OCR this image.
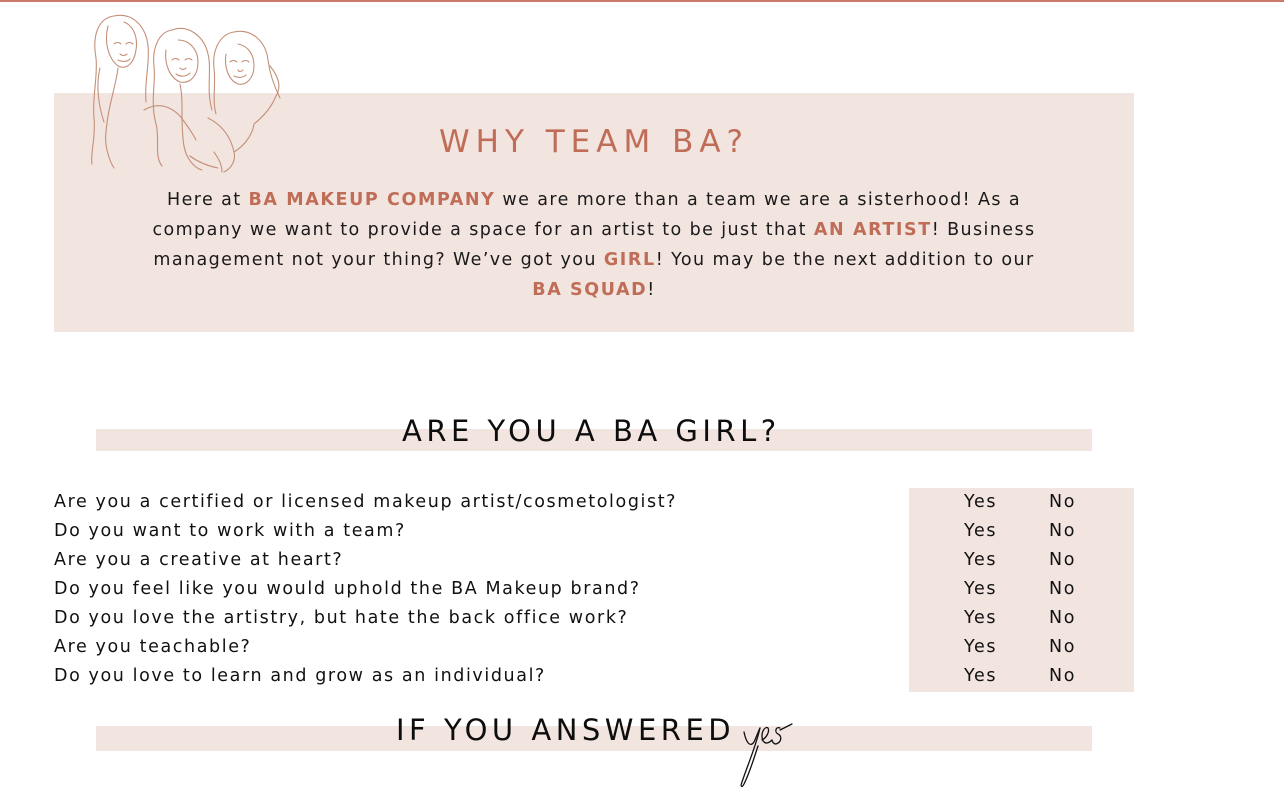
WHY TEAM BA?

Here at BA MAKEUP COMPANY we are more than a team we are a sisterhood! As a company we want to provide a space for an artist to be just that AN ARTIST! Business management not your thing? We’ve got you GIRL! You may be the next addition to our BA SQUAD!

ARE YOU A BA GIRL?
Are you a certified or licensed makeup artist/cosmetologist?	Yes	No
Do you want to work with a team?	Yes	No
Are you a creative at heart?	Yes	No
Do you feel like you would uphold the BA Makeup brand?	Yes	No
Do you love the artistry, but hate the back office work?	Yes	No
Are you teachable?	Yes	No
Do you love to learn and grow as an individual?	Yes	No
IF YOU ANSWERED
